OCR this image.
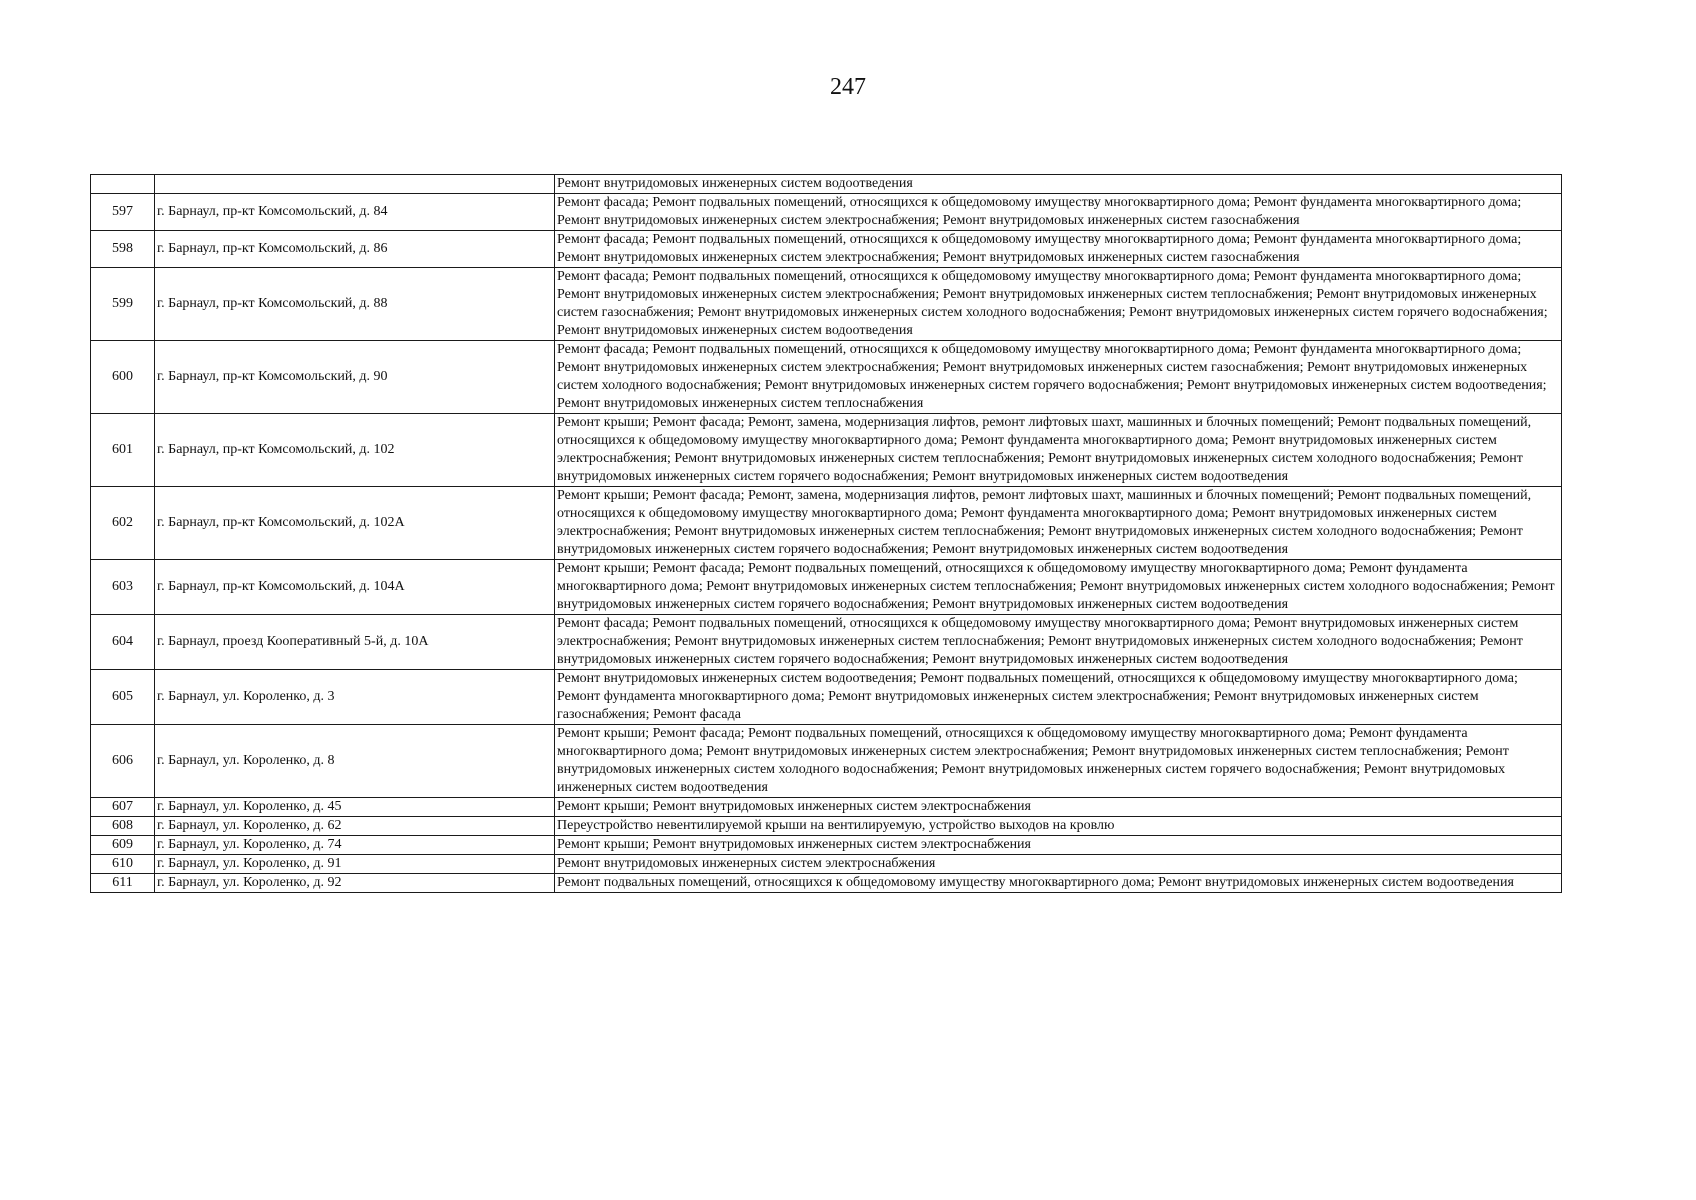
247
		Ремонт внутридомовых инженерных систем водоотведения
597	г. Барнаул, пр-кт Комсомольский, д. 84	Ремонт фасада; Ремонт подвальных помещений, относящихся к общедомовому имуществу многоквартирного дома; Ремонт фундамента многоквартирного дома; Ремонт внутридомовых инженерных систем электроснабжения; Ремонт внутридомовых инженерных систем газоснабжения
598	г. Барнаул, пр-кт Комсомольский, д. 86	Ремонт фасада; Ремонт подвальных помещений, относящихся к общедомовому имуществу многоквартирного дома; Ремонт фундамента многоквартирного дома; Ремонт внутридомовых инженерных систем электроснабжения; Ремонт внутридомовых инженерных систем газоснабжения
599	г. Барнаул, пр-кт Комсомольский, д. 88	Ремонт фасада; Ремонт подвальных помещений, относящихся к общедомовому имуществу многоквартирного дома; Ремонт фундамента многоквартирного дома; Ремонт внутридомовых инженерных систем электроснабжения; Ремонт внутридомовых инженерных систем теплоснабжения; Ремонт внутридомовых инженерных систем газоснабжения; Ремонт внутридомовых инженерных систем холодного водоснабжения; Ремонт внутридомовых инженерных систем горячего водоснабжения; Ремонт внутридомовых инженерных систем водоотведения
600	г. Барнаул, пр-кт Комсомольский, д. 90	Ремонт фасада; Ремонт подвальных помещений, относящихся к общедомовому имуществу многоквартирного дома; Ремонт фундамента многоквартирного дома; Ремонт внутридомовых инженерных систем электроснабжения; Ремонт внутридомовых инженерных систем газоснабжения; Ремонт внутридомовых инженерных систем холодного водоснабжения; Ремонт внутридомовых инженерных систем горячего водоснабжения; Ремонт внутридомовых инженерных систем водоотведения; Ремонт внутридомовых инженерных систем теплоснабжения
601	г. Барнаул, пр-кт Комсомольский, д. 102	Ремонт крыши; Ремонт фасада; Ремонт, замена, модернизация лифтов, ремонт лифтовых шахт, машинных и блочных помещений; Ремонт подвальных помещений, относящихся к общедомовому имуществу многоквартирного дома; Ремонт фундамента многоквартирного дома; Ремонт внутридомовых инженерных систем электроснабжения; Ремонт внутридомовых инженерных систем теплоснабжения; Ремонт внутридомовых инженерных систем холодного водоснабжения; Ремонт внутридомовых инженерных систем горячего водоснабжения; Ремонт внутридомовых инженерных систем водоотведения
602	г. Барнаул, пр-кт Комсомольский, д. 102А	Ремонт крыши; Ремонт фасада; Ремонт, замена, модернизация лифтов, ремонт лифтовых шахт, машинных и блочных помещений; Ремонт подвальных помещений, относящихся к общедомовому имуществу многоквартирного дома; Ремонт фундамента многоквартирного дома; Ремонт внутридомовых инженерных систем электроснабжения; Ремонт внутридомовых инженерных систем теплоснабжения; Ремонт внутридомовых инженерных систем холодного водоснабжения; Ремонт внутридомовых инженерных систем горячего водоснабжения; Ремонт внутридомовых инженерных систем водоотведения
603	г. Барнаул, пр-кт Комсомольский, д. 104А	Ремонт крыши; Ремонт фасада; Ремонт подвальных помещений, относящихся к общедомовому имуществу многоквартирного дома; Ремонт фундамента многоквартирного дома; Ремонт внутридомовых инженерных систем теплоснабжения; Ремонт внутридомовых инженерных систем холодного водоснабжения; Ремонт внутридомовых инженерных систем горячего водоснабжения; Ремонт внутридомовых инженерных систем водоотведения
604	г. Барнаул, проезд Кооперативный 5-й, д. 10А	Ремонт фасада; Ремонт подвальных помещений, относящихся к общедомовому имуществу многоквартирного дома; Ремонт внутридомовых инженерных систем электроснабжения; Ремонт внутридомовых инженерных систем теплоснабжения; Ремонт внутридомовых инженерных систем холодного водоснабжения; Ремонт внутридомовых инженерных систем горячего водоснабжения; Ремонт внутридомовых инженерных систем водоотведения
605	г. Барнаул, ул. Короленко, д. 3	Ремонт внутридомовых инженерных систем водоотведения; Ремонт подвальных помещений, относящихся к общедомовому имуществу многоквартирного дома; Ремонт фундамента многоквартирного дома; Ремонт внутридомовых инженерных систем электроснабжения; Ремонт внутридомовых инженерных систем газоснабжения; Ремонт фасада
606	г. Барнаул, ул. Короленко, д. 8	Ремонт крыши; Ремонт фасада; Ремонт подвальных помещений, относящихся к общедомовому имуществу многоквартирного дома; Ремонт фундамента многоквартирного дома; Ремонт внутридомовых инженерных систем электроснабжения; Ремонт внутридомовых инженерных систем теплоснабжения; Ремонт внутридомовых инженерных систем холодного водоснабжения; Ремонт внутридомовых инженерных систем горячего водоснабжения; Ремонт внутридомовых инженерных систем водоотведения
607	г. Барнаул, ул. Короленко, д. 45	Ремонт крыши; Ремонт внутридомовых инженерных систем электроснабжения
608	г. Барнаул, ул. Короленко, д. 62	Переустройство невентилируемой крыши на вентилируемую, устройство выходов на кровлю
609	г. Барнаул, ул. Короленко, д. 74	Ремонт крыши; Ремонт внутридомовых инженерных систем электроснабжения
610	г. Барнаул, ул. Короленко, д. 91	Ремонт внутридомовых инженерных систем электроснабжения
611	г. Барнаул, ул. Короленко, д. 92	Ремонт подвальных помещений, относящихся к общедомовому имуществу многоквартирного дома; Ремонт внутридомовых инженерных систем водоотведения
